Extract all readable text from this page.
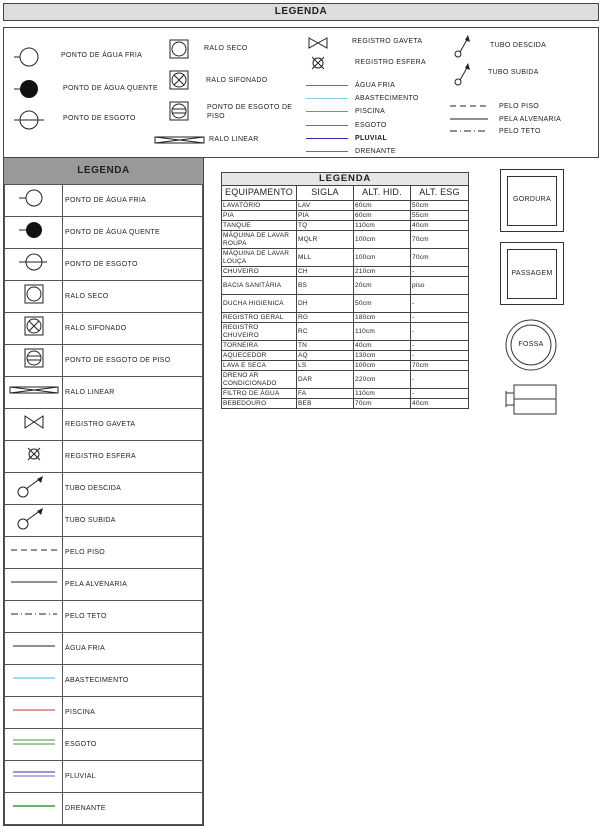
LEGENDA
PONTO DE ÁGUA FRIA
PONTO DE ÁGUA QUENTE
PONTO DE ESGOTO
RALO SECO
RALO SIFONADO
PONTO DE ESGOTO DE PISO
RALO LINEAR
REGISTRO GAVETA
REGISTRO ESFERA
TUBO DESCIDA
TUBO SUBIDA
PELO PISO
PELA ALVENARIA
PELO TETO
ÁGUA FRIA
ABASTECIMENTO
PISCINA
ESGOTO
PLUVIAL
DRENANTE
LEGENDA
	PONTO DE ÁGUA FRIA
	PONTO DE ÁGUA QUENTE
	PONTO DE ESGOTO
	RALO SECO
	RALO SIFONADO
	PONTO DE ESGOTO DE PISO
	RALO LINEAR
	REGISTRO GAVETA
	REGISTRO ESFERA
	TUBO DESCIDA
	TUBO SUBIDA
	PELO PISO
	PELA ALVENARIA
	PELO TETO
	ÁGUA FRIA
	ABASTECIMENTO
	PISCINA
	ESGOTO
	PLUVIAL
	DRENANTE
LEGENDA			
EQUIPAMENTO	SIGLA	ALT. HID.	ALT. ESG
LAVATÓRIO	LAV	60cm	50cm
PIA	PIA	60cm	55cm
TANQUE	TQ	110cm	40cm
MÁQUINA DE LAVAR ROUPA	MQLR	100cm	70cm
MÁQUINA DE LAVAR LOUÇA	MLL	100cm	70cm
CHUVEIRO	CH	210cm	-
BACIA SANITÁRIA	BS	20cm	piso
DUCHA HIGIENICA	DH	50cm	-
REGISTRO GERAL	RG	180cm	-
REGISTRO CHUVEIRO	RC	110cm	-
TORNEIRA	TN	40cm	-
AQUECEDOR	AQ	130cm	-
LAVA E SECA	LS	100cm	70cm
DRENO AR CONDICIONADO	DAR	220cm	-
FILTRO DE ÁGUA	FA	110cm	-
BEBEDOURO	BEB	70cm	40cm
GORDURA
PASSAGEM
FOSSA
